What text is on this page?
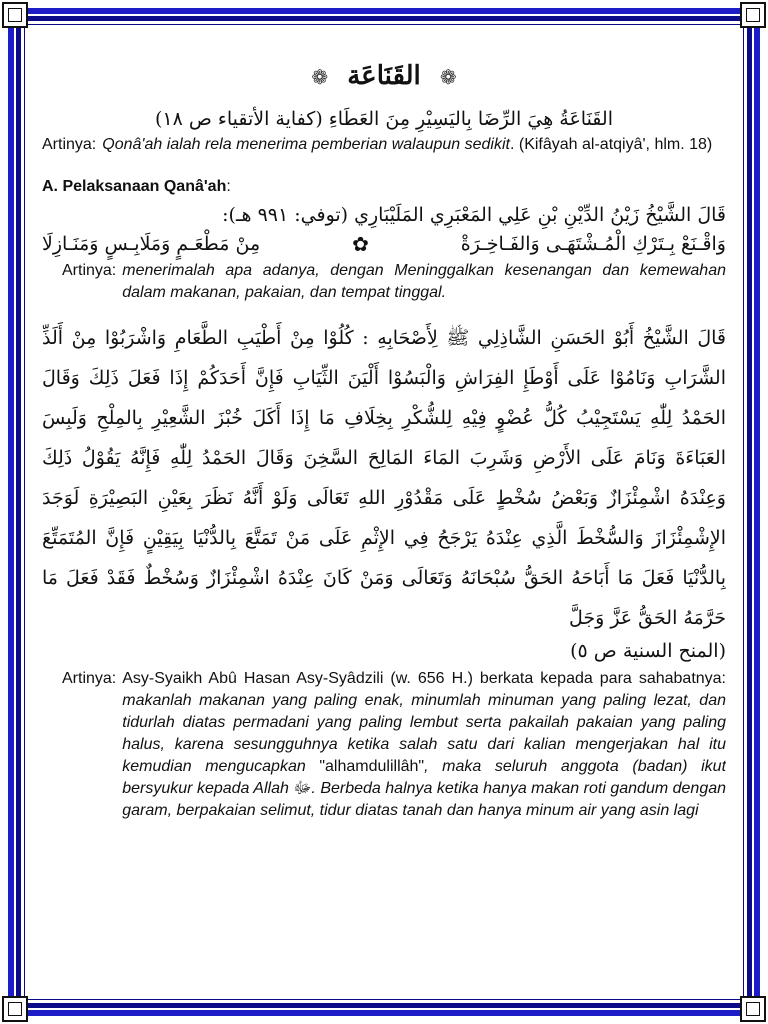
❁ القَنَاعَة ❁
القَنَاعَةُ هِيَ الرِّضَا بِاليَسِيْرِ مِنَ العَطَاءِ (كفاية الأتقياء ص ١٨)
Artinya: Qonâ'ah ialah rela menerima pemberian walaupun sedikit. (Kifâyah al-atqiyâ', hlm. 18)
A. Pelaksanaan Qanâ'ah:
قَالَ الشَّيْخُ زَيْنُ الدِّيْنِ بْنِ عَلِي المَعْبَرِي المَلَيْبَارِي (توفي: ٩٩١ هـ):
وَاقْـنَعْ بِـتَرْكِ الْمُـشْتَهَـى وَالفَـاخِـرَةْ
✿
مِنْ مَطْعَـمٍ وَمَلَابِـسٍ وَمَنَـازِلَا
Artinya: menerimalah apa adanya, dengan Meninggalkan kesenangan dan kemewahan dalam makanan, pakaian, dan tempat tinggal.
قَالَ الشَّيْخُ أَبُوْ الحَسَنِ الشَّاذِلِي ﷺ لِأَصْحَابِهِ : كُلُوْا مِنْ أَطْيَبِ الطَّعَامِ وَاشْرَبُوْا مِنْ أَلَذِّ الشَّرَابِ وَنَامُوْا عَلَى أَوْطَإِ الفِرَاشِ وَالْبَسُوْا أَلْيَنَ الثِّيَابِ فَإِنَّ أَحَدَكُمْ إِذَا فَعَلَ ذَلِكَ وَقَالَ الحَمْدُ لِلّٰهِ يَسْتَجِيْبُ كُلُّ عُضْوٍ فِيْهِ لِلشُّكْرِ بِخِلَافِ مَا إِذَا أَكَلَ خُبْزَ الشَّعِيْرِ بِالمِلْحِ وَلَبِسَ العَبَاءَةَ وَنَامَ عَلَى الأَرْضِ وَشَرِبَ المَاءَ المَالِحَ السَّخِنَ وَقَالَ الحَمْدُ لِلّٰهِ فَإِنَّهُ يَقُوْلُ ذَلِكَ وَعِنْدَهُ اشْمِئْزَازٌ وَبَعْضُ سُخْطٍ عَلَى مَقْدُوْرِ اللهِ تَعَالَى وَلَوْ أَنَّهُ نَظَرَ بِعَيْنِ البَصِيْرَةِ لَوَجَدَ الإِشْمِئْزَازَ وَالسُّخْطَ الَّذِي عِنْدَهُ يَرْجَحُ فِي الإِثْمِ عَلَى مَنْ تَمَتَّعَ بِالدُّنْيَا بِيَقِيْنٍ فَإِنَّ المُتَمَتِّعَ بِالدُّنْيَا فَعَلَ مَا أَبَاحَهُ الحَقُّ سُبْحَانَهُ وَتَعَالَى وَمَنْ كَانَ عِنْدَهُ اشْمِئْزَازٌ وَسُخْطٌ فَقَدْ فَعَلَ مَا حَرَّمَهُ الحَقُّ عَزَّ وَجَلَّ
(المنح السنية ص ٥)
Artinya: Asy-Syaikh Abû Hasan Asy-Syâdzili (w. 656 H.) berkata kepada para sahabatnya: makanlah makanan yang paling enak, minumlah minuman yang paling lezat, dan tidurlah diatas permadani yang paling lembut serta pakailah pakaian yang paling halus, karena sesungguhnya ketika salah satu dari kalian mengerjakan hal itu kemudian mengucapkan "alhamdulillâh", maka seluruh anggota (badan) ikut bersyukur kepada Allah ﷻ. Berbeda halnya ketika hanya makan roti gandum dengan garam, berpakaian selimut, tidur diatas tanah dan hanya minum air yang asin lagi
